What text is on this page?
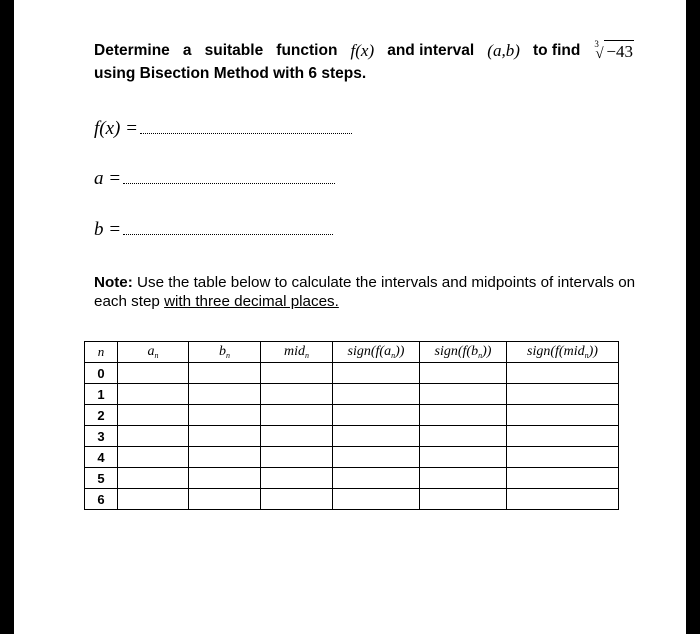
Determine a suitable function f(x) and interval (a,b) to find 3
√ −43
using Bisection Method with 6 steps.
f(x) =
a =
b =
Note: Use the table below to calculate the intervals and midpoints of intervals on each step with three decimal places.
n	$a_n$	$b_n$	mid$_n$	$sign(f(a_n))$	$sign(f(b_n))$	sign(f(mid$_n$))
0						
1						
2						
3						
4						
5						
6						
